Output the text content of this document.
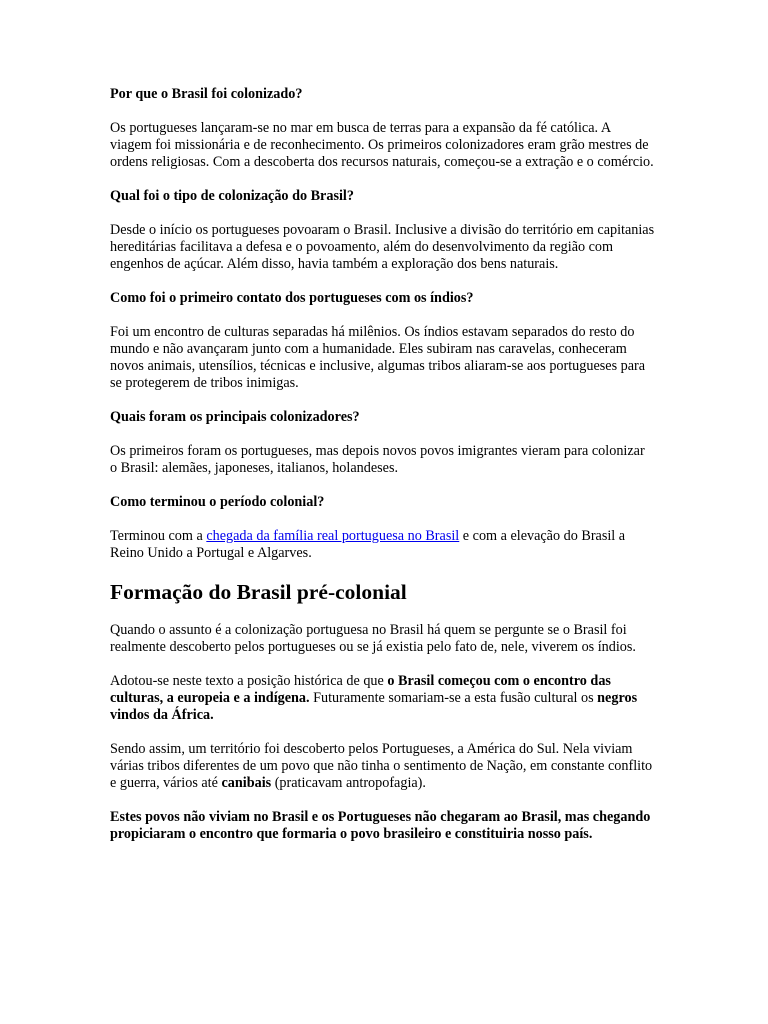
Por que o Brasil foi colonizado?

Os portugueses lançaram-se no mar em busca de terras para a expansão da fé católica. A viagem foi missionária e de reconhecimento. Os primeiros colonizadores eram grão mestres de ordens religiosas. Com a descoberta dos recursos naturais, começou-se a extração e o comércio.

Qual foi o tipo de colonização do Brasil?

Desde o início os portugueses povoaram o Brasil. Inclusive a divisão do território em capitanias hereditárias facilitava a defesa e o povoamento, além do desenvolvimento da região com engenhos de açúcar. Além disso, havia também a exploração dos bens naturais.

Como foi o primeiro contato dos portugueses com os índios?

Foi um encontro de culturas separadas há milênios. Os índios estavam separados do resto do mundo e não avançaram junto com a humanidade. Eles subiram nas caravelas, conheceram novos animais, utensílios, técnicas e inclusive, algumas tribos aliaram-se aos portugueses para se protegerem de tribos inimigas.

Quais foram os principais colonizadores?

Os primeiros foram os portugueses, mas depois novos povos imigrantes vieram para colonizar o Brasil: alemães, japoneses, italianos, holandeses.

Como terminou o período colonial?

Terminou com a chegada da família real portuguesa no Brasil e com a elevação do Brasil a Reino Unido a Portugal e Algarves.

Formação do Brasil pré-colonial

Quando o assunto é a colonização portuguesa no Brasil há quem se pergunte se o Brasil foi realmente descoberto pelos portugueses ou se já existia pelo fato de, nele, viverem os índios.

Adotou-se neste texto a posição histórica de que o Brasil começou com o encontro das culturas, a europeia e a indígena. Futuramente somariam-se a esta fusão cultural os negros vindos da África.

Sendo assim, um território foi descoberto pelos Portugueses, a América do Sul. Nela viviam várias tribos diferentes de um povo que não tinha o sentimento de Nação, em constante conflito e guerra, vários até canibais (praticavam antropofagia).

Estes povos não viviam no Brasil e os Portugueses não chegaram ao Brasil, mas chegando propiciaram o encontro que formaria o povo brasileiro e constituiria nosso país.
